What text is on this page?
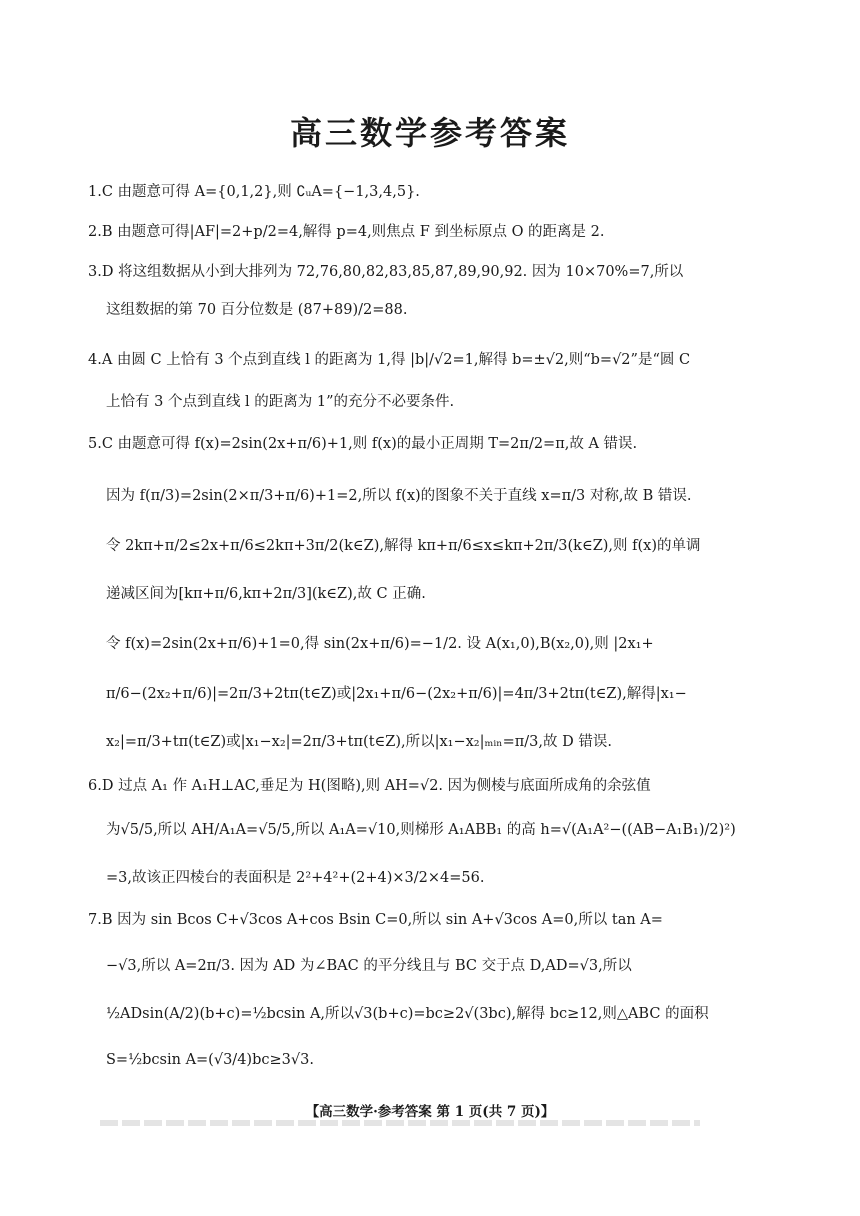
高三数学参考答案
1.C 由题意可得 A={0,1,2},则 ∁ᵤA={−1,3,4,5}.
2.B 由题意可得|AF|=2+p/2=4,解得 p=4,则焦点 F 到坐标原点 O 的距离是 2.
3.D 将这组数据从小到大排列为 72,76,80,82,83,85,87,89,90,92. 因为 10×70%=7,所以
这组数据的第 70 百分位数是 (87+89)/2=88.
4.A 由圆 C 上恰有 3 个点到直线 l 的距离为 1,得 |b|/√2=1,解得 b=±√2,则“b=√2”是“圆 C
上恰有 3 个点到直线 l 的距离为 1”的充分不必要条件.
5.C 由题意可得 f(x)=2sin(2x+π/6)+1,则 f(x)的最小正周期 T=2π/2=π,故 A 错误.
因为 f(π/3)=2sin(2×π/3+π/6)+1=2,所以 f(x)的图象不关于直线 x=π/3 对称,故 B 错误.
令 2kπ+π/2≤2x+π/6≤2kπ+3π/2(k∈Z),解得 kπ+π/6≤x≤kπ+2π/3(k∈Z),则 f(x)的单调
递减区间为[kπ+π/6,kπ+2π/3](k∈Z),故 C 正确.
令 f(x)=2sin(2x+π/6)+1=0,得 sin(2x+π/6)=−1/2. 设 A(x₁,0),B(x₂,0),则 |2x₁+
π/6−(2x₂+π/6)|=2π/3+2tπ(t∈Z)或|2x₁+π/6−(2x₂+π/6)|=4π/3+2tπ(t∈Z),解得|x₁−
x₂|=π/3+tπ(t∈Z)或|x₁−x₂|=2π/3+tπ(t∈Z),所以|x₁−x₂|ₘᵢₙ=π/3,故 D 错误.
6.D 过点 A₁ 作 A₁H⊥AC,垂足为 H(图略),则 AH=√2. 因为侧棱与底面所成角的余弦值
为√5/5,所以 AH/A₁A=√5/5,所以 A₁A=√10,则梯形 A₁ABB₁ 的高 h=√(A₁A²−((AB−A₁B₁)/2)²)
=3,故该正四棱台的表面积是 2²+4²+(2+4)×3/2×4=56.
7.B 因为 sin Bcos C+√3cos A+cos Bsin C=0,所以 sin A+√3cos A=0,所以 tan A=
−√3,所以 A=2π/3. 因为 AD 为∠BAC 的平分线且与 BC 交于点 D,AD=√3,所以
½ADsin(A/2)(b+c)=½bcsin A,所以√3(b+c)=bc≥2√(3bc),解得 bc≥12,则△ABC 的面积
S=½bcsin A=(√3/4)bc≥3√3.
【高三数学·参考答案 第 1 页(共 7 页)】
